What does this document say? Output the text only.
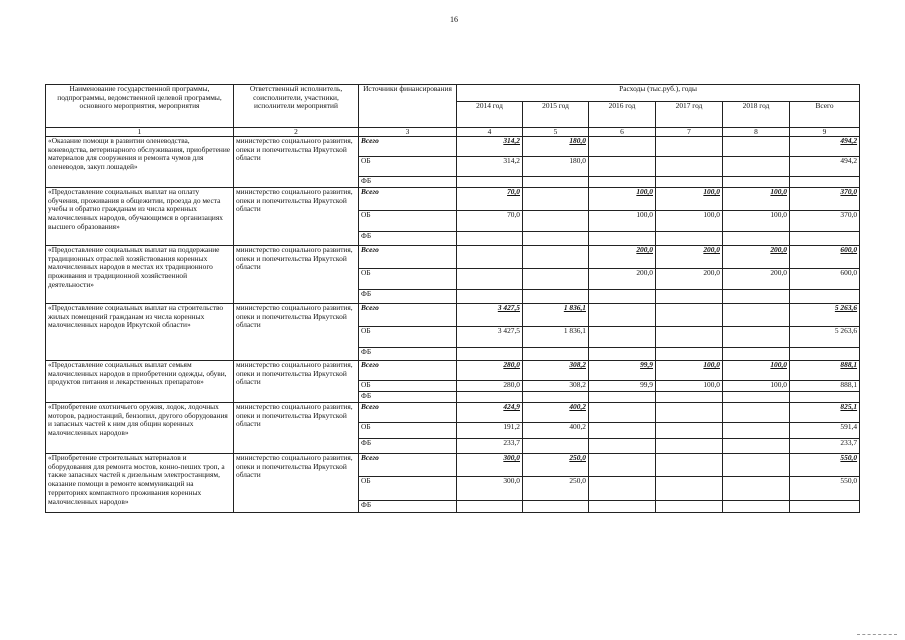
16
Наименование государственной программы, подпрограммы, ведомственной целевой программы, основного мероприятия, мероприятия	Ответственный исполнитель, соисполнители, участники, исполнители мероприятий	Источники финансирования	Расходы (тыс.руб.), годы					
			2014 год	2015 год	2016 год	2017 год	2018 год	Всего
1	2	3	4	5	6	7	8	9
«Оказание помощи в развитии оленеводства, коневодства, ветеринарного обслуживания, приобретение материалов для сооружения и ремонта чумов для оленеводов, закуп лошадей»	министерство социального развития, опеки и попечительства Иркутской области	Всего	314,2	180,0				494,2
		ОБ	314,2	180,0				494,2
		ФБ						
«Предоставление социальных выплат на оплату обучения, проживания в общежитии, проезда до места учебы и обратно гражданам из числа коренных малочисленных народов, обучающимся в организациях высшего образования»	министерство социального развития, опеки и попечительства Иркутской области	Всего	70,0		100,0	100,0	100,0	370,0
		ОБ	70,0		100,0	100,0	100,0	370,0
		ФБ						
«Предоставление социальных выплат на поддержание традиционных отраслей хозяйствования коренных малочисленных народов в местах их традиционного проживания и традиционной хозяйственной деятельности»	министерство социального развития, опеки и попечительства Иркутской области	Всего			200,0	200,0	200,0	600,0
		ОБ			200,0	200,0	200,0	600,0
		ФБ						
«Предоставление социальных выплат на строительство жилых помещений гражданам из числа коренных малочисленных народов Иркутской области»	министерство социального развития, опеки и попечительства Иркутской области	Всего	3 427,5	1 836,1				5 263,6
		ОБ	3 427,5	1 836,1				5 263,6
		ФБ						
«Предоставление социальных выплат семьям малочисленных народов в приобретении одежды, обуви, продуктов питания и лекарственных препаратов»	министерство социального развития, опеки и попечительства Иркутской области	Всего	280,0	308,2	99,9	100,0	100,0	888,1
		ОБ	280,0	308,2	99,9	100,0	100,0	888,1
		ФБ						
«Приобретение охотничьего оружия, лодок, лодочных моторов, радиостанций, бензопил, другого оборудования и запасных частей к ним для общин коренных малочисленных народов»	министерство социального развития, опеки и попечительства Иркутской области	Всего	424,9	400,2				825,1
		ОБ	191,2	400,2				591,4
		ФБ	233,7					233,7
«Приобретение строительных материалов и оборудования для ремонта мостов, конно-пеших троп, а также запасных частей к дизельным электростанциям, оказание помощи в ремонте коммуникаций на территориях компактного проживания коренных малочисленных народов»	министерство социального развития, опеки и попечительства Иркутской области	Всего	300,0	250,0				550,0
		ОБ	300,0	250,0				550,0
		ФБ						
